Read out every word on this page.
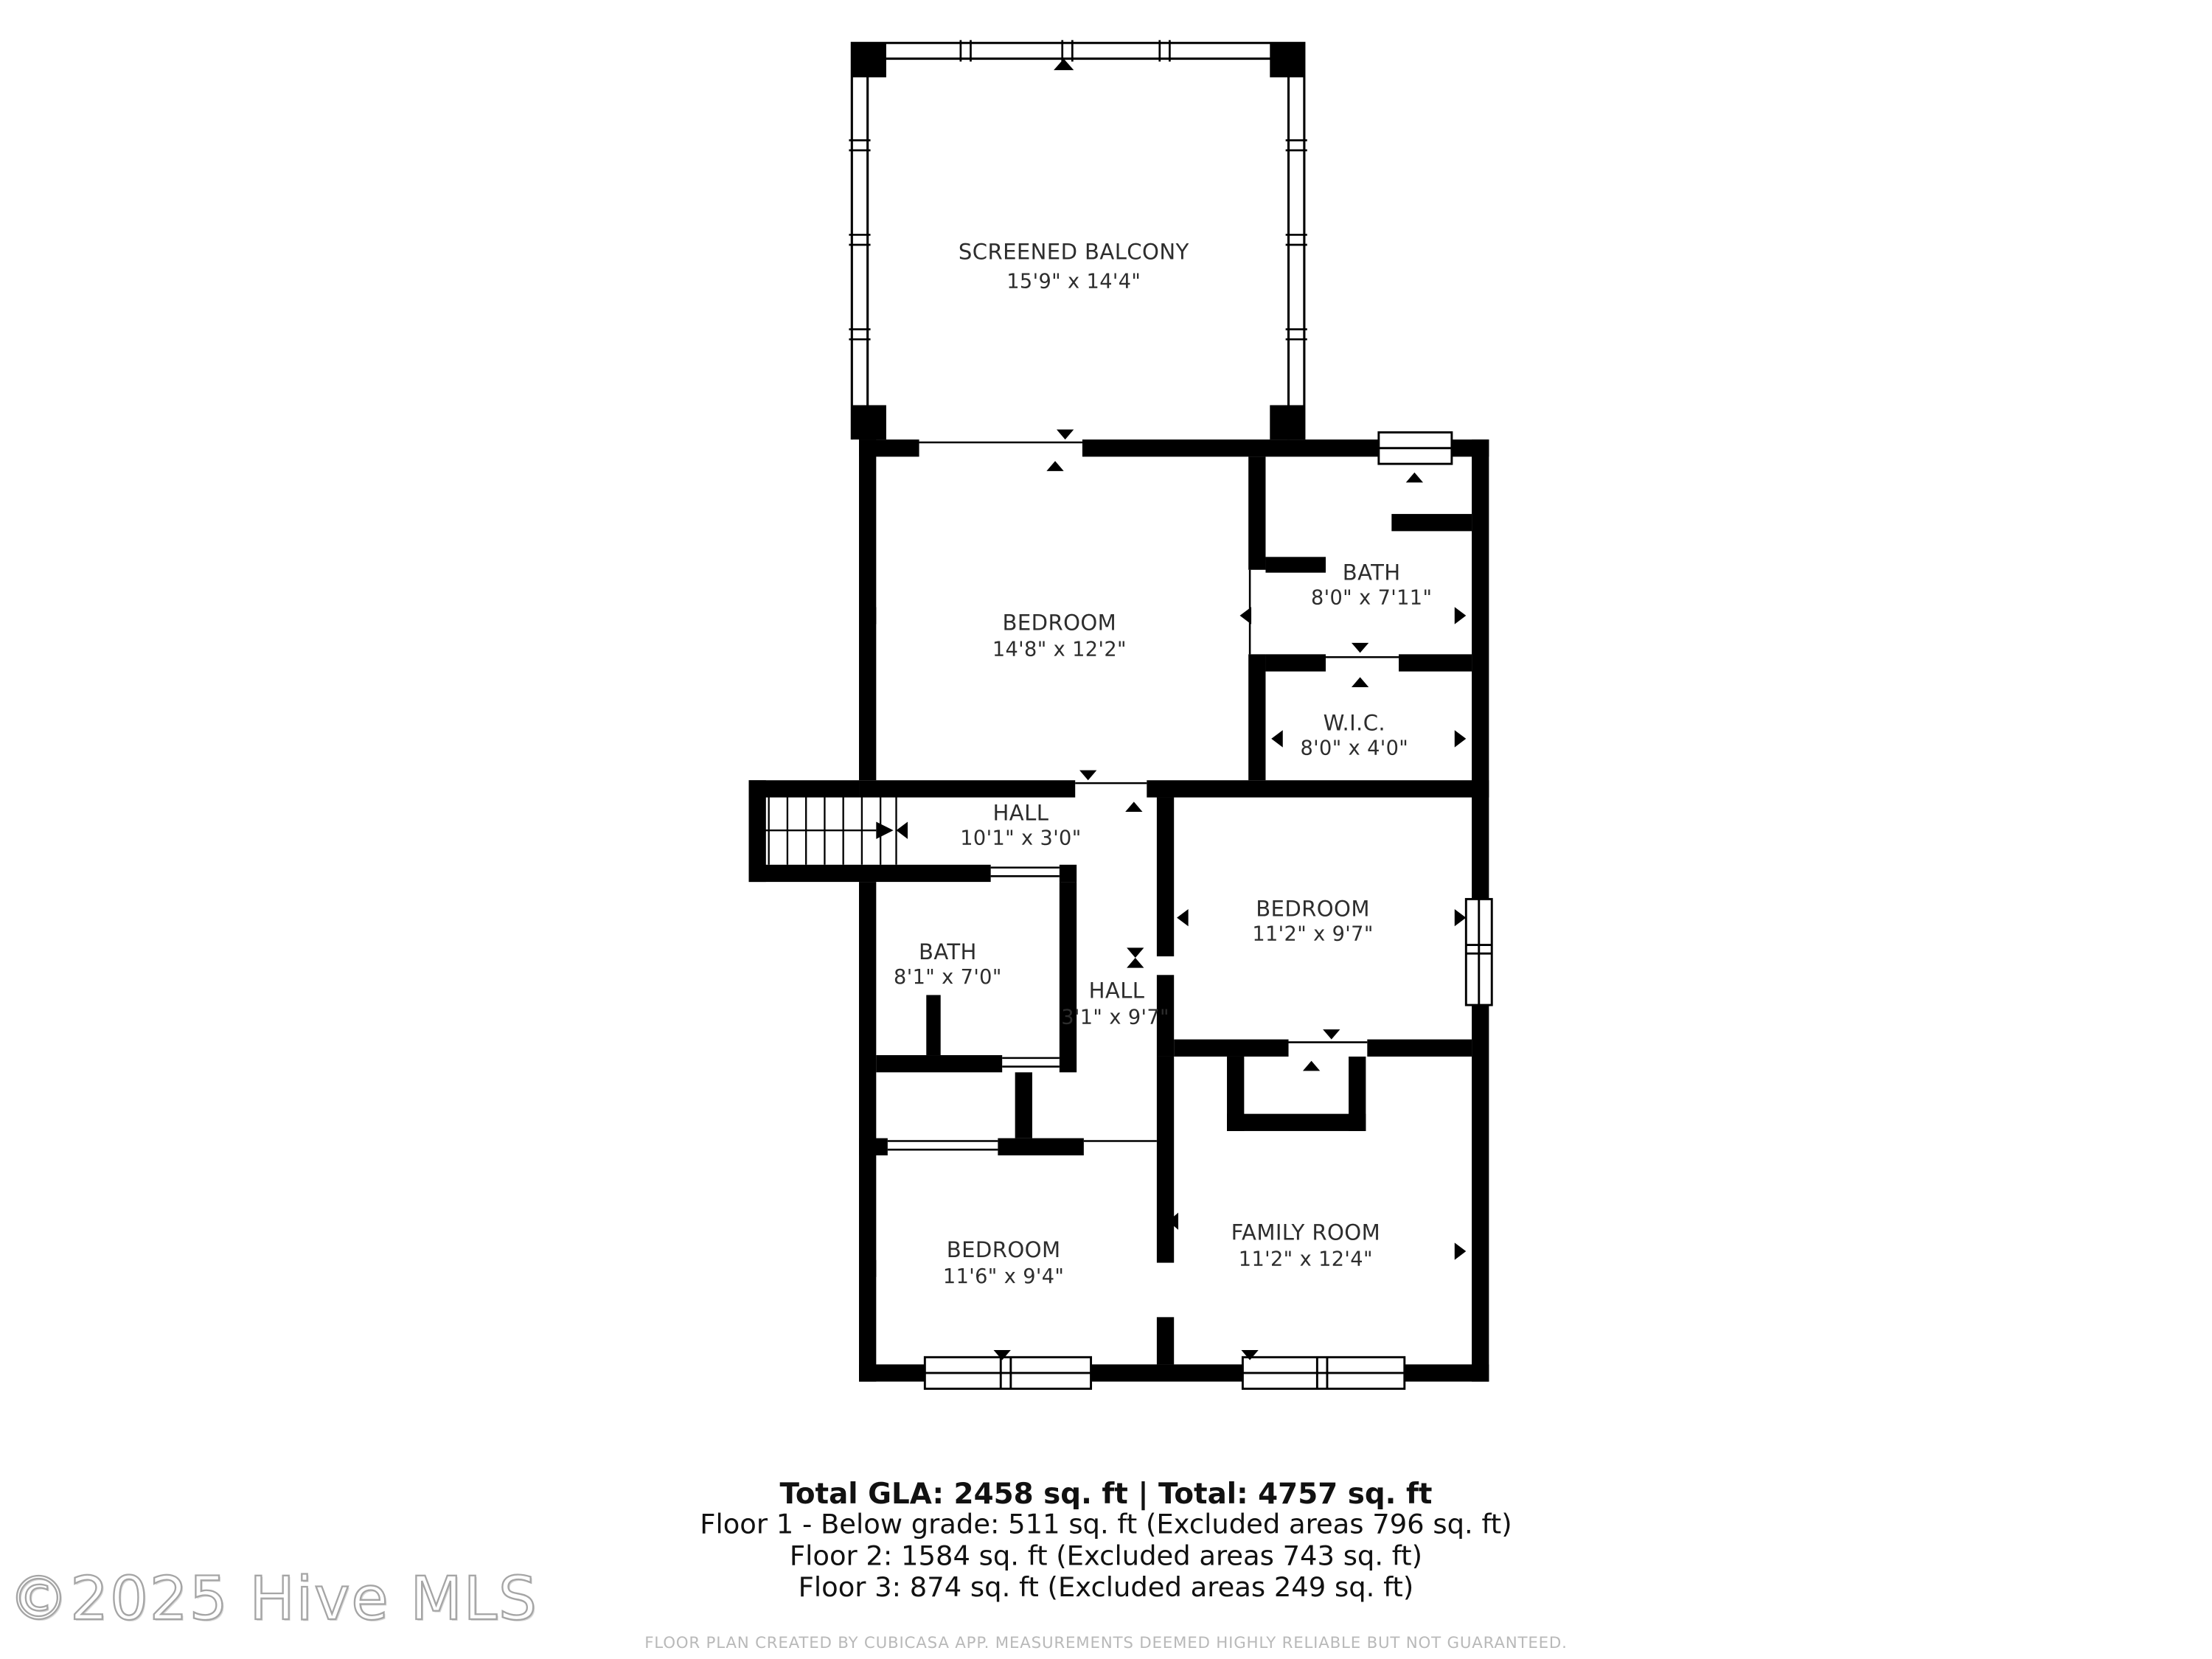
SCREENED BALCONY
15'9" x 14'4"
BEDROOM
14'8" x 12'2"
BATH
8'0" x 7'11"
W.I.C.
8'0" x 4'0"
HALL
10'1" x 3'0"
BATH
8'1" x 7'0"
HALL
3'1" x 9'7"
BEDROOM
11'2" x 9'7"
BEDROOM
11'6" x 9'4"
FAMILY ROOM
11'2" x 12'4"
Total GLA: 2458 sq. ft | Total: 4757 sq. ft
Floor 1 - Below grade: 511 sq. ft (Excluded areas 796 sq. ft)
Floor 2: 1584 sq. ft (Excluded areas 743 sq. ft)
Floor 3: 874 sq. ft (Excluded areas 249 sq. ft)
FLOOR PLAN CREATED BY CUBICASA APP. MEASUREMENTS DEEMED HIGHLY RELIABLE BUT NOT GUARANTEED.
©2025 Hive MLS
